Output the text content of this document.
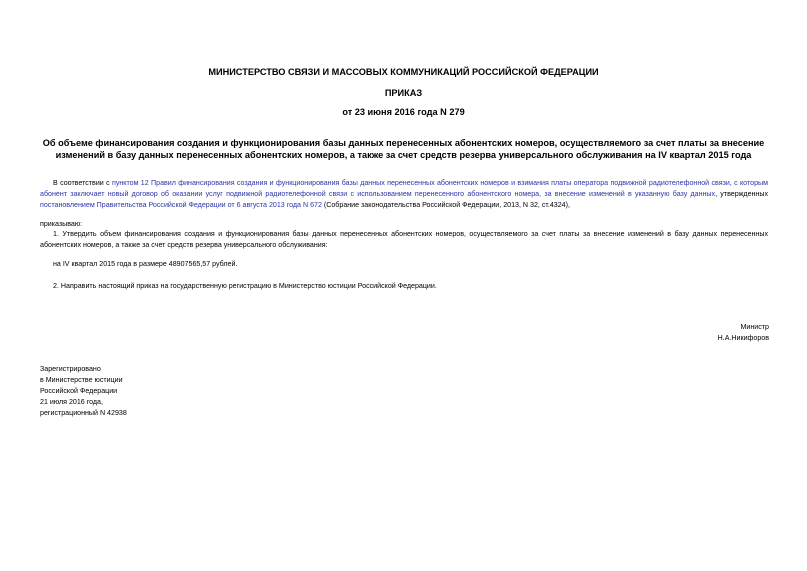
МИНИСТЕРСТВО СВЯЗИ И МАССОВЫХ КОММУНИКАЦИЙ РОССИЙСКОЙ ФЕДЕРАЦИИ
ПРИКАЗ
от 23 июня 2016 года N 279
Об объеме финансирования создания и функционирования базы данных перенесенных абонентских номеров, осуществляемого за счет платы за внесение
изменений в базу данных перенесенных абонентских номеров, а также за счет средств резерва универсального обслуживания на IV квартал 2015 года
В соответствии с пунктом 12 Правил финансирования создания и функционирования базы данных перенесенных абонентских номеров и взимания платы оператора подвижной радиотелефонной связи, с которым
абонент заключает новый договор об оказании услуг подвижной радиотелефонной связи с использованием перенесенного абонентского номера, за внесение изменений в указанную базу данных, утвержденных
постановлением Правительства Российской Федерации от 6 августа 2013 года N 672 (Собрание законодательства Российской Федерации, 2013, N 32, ст.4324),
приказываю:
1. Утвердить объем финансирования создания и функционирования базы данных перенесенных абонентских номеров, осуществляемого за счет платы за внесение изменений в базу данных перенесенных
абонентских номеров, а также за счет средств резерва универсального обслуживания:
на IV квартал 2015 года в размере 48907565,57 рублей.
2. Направить настоящий приказ на государственную регистрацию в Министерство юстиции Российской Федерации.
Министр
Н.А.Никифоров
Зарегистрировано
в Министерстве юстиции
Российской Федерации
21 июля 2016 года,
регистрационный N 42938
